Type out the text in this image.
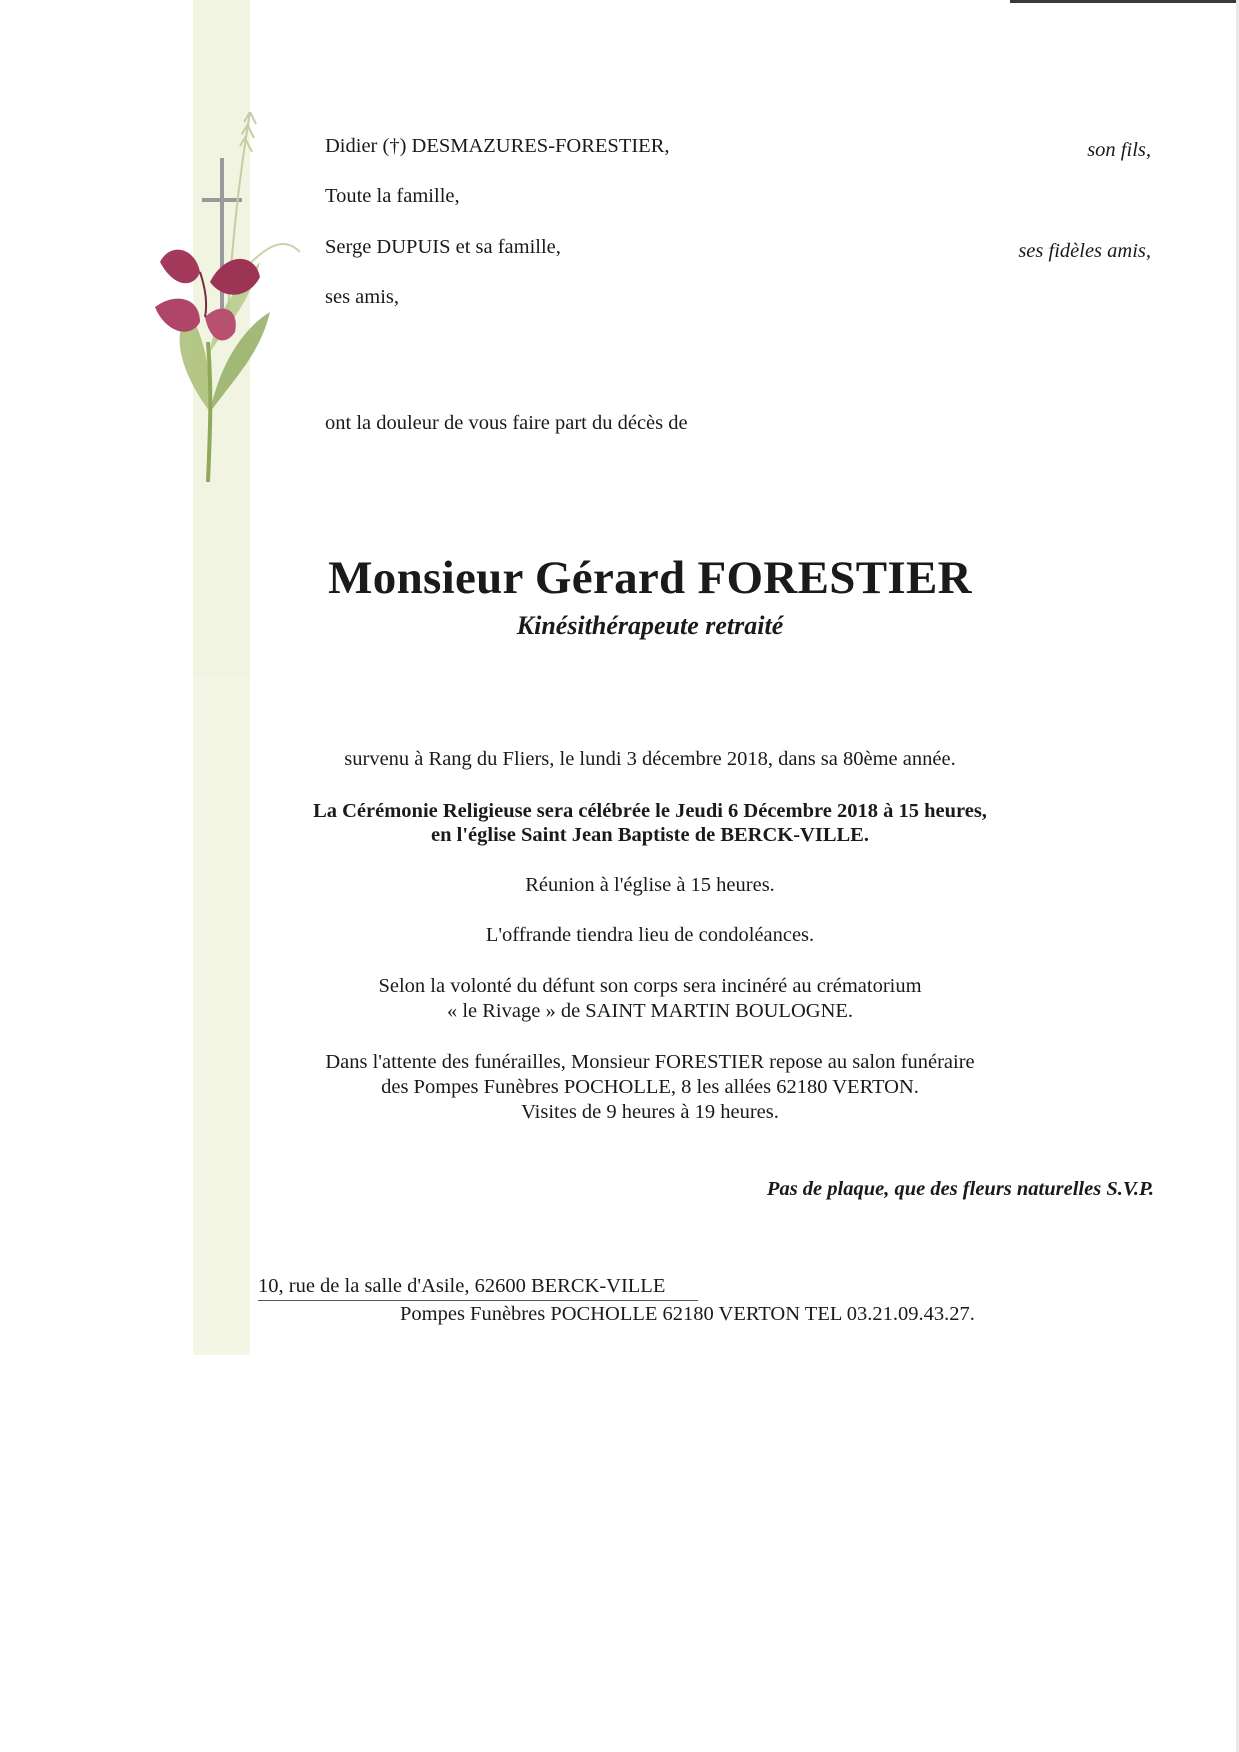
Didier (†) DESMAZURES-FORESTIER,	son fils,
Toute la famille,
Serge DUPUIS et sa famille,	ses fidèles amis,
ses amis,
ont la douleur de vous faire part du décès de
Monsieur Gérard FORESTIER
Kinésithérapeute retraité
survenu à Rang du Fliers, le lundi 3 décembre 2018, dans sa 80ème année.
La Cérémonie Religieuse sera célébrée le Jeudi 6 Décembre 2018 à 15 heures,
en l'église Saint Jean Baptiste de BERCK-VILLE.
Réunion à l'église à 15 heures.
L'offrande tiendra lieu de condoléances.
Selon la volonté du défunt son corps sera incinéré au crématorium
« le Rivage » de SAINT MARTIN BOULOGNE.
Dans l'attente des funérailles, Monsieur FORESTIER repose au salon funéraire
des Pompes Funèbres POCHOLLE, 8 les allées 62180 VERTON.
Visites de 9 heures à 19 heures.
Pas de plaque, que des fleurs naturelles S.V.P.
10, rue de la salle d'Asile, 62600 BERCK-VILLE
Pompes Funèbres POCHOLLE 62180 VERTON TEL 03.21.09.43.27.
